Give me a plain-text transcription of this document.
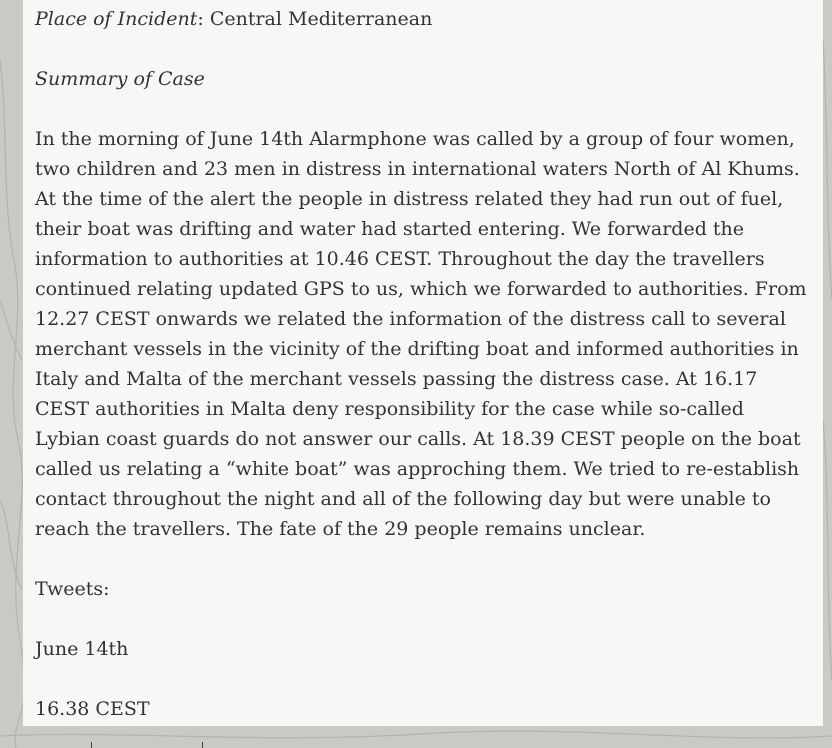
Place of Incident: Central Mediterranean

Summary of Case

In the morning of June 14th Alarmphone was called by a group of four women, two children and 23 men in distress in international waters North of Al Khums. At the time of the alert the people in distress related they had run out of fuel, their boat was drifting and water had started entering. We forwarded the information to authorities at 10.46 CEST. Throughout the day the travellers continued relating updated GPS to us, which we forwarded to authorities. From 12.27 CEST onwards we related the information of the distress call to several merchant vessels in the vicinity of the drifting boat and informed authorities in Italy and Malta of the merchant vessels passing the distress case. At 16.17 CEST authorities in Malta deny responsibility for the case while so-called Lybian coast guards do not answer our calls. At 18.39 CEST people on the boat called us relating a “white boat” was approching them. We tried to re-establish contact throughout the night and all of the following day but were unable to reach the travellers. The fate of the 29 people remains unclear.

Tweets:

June 14th

16.38 CEST
